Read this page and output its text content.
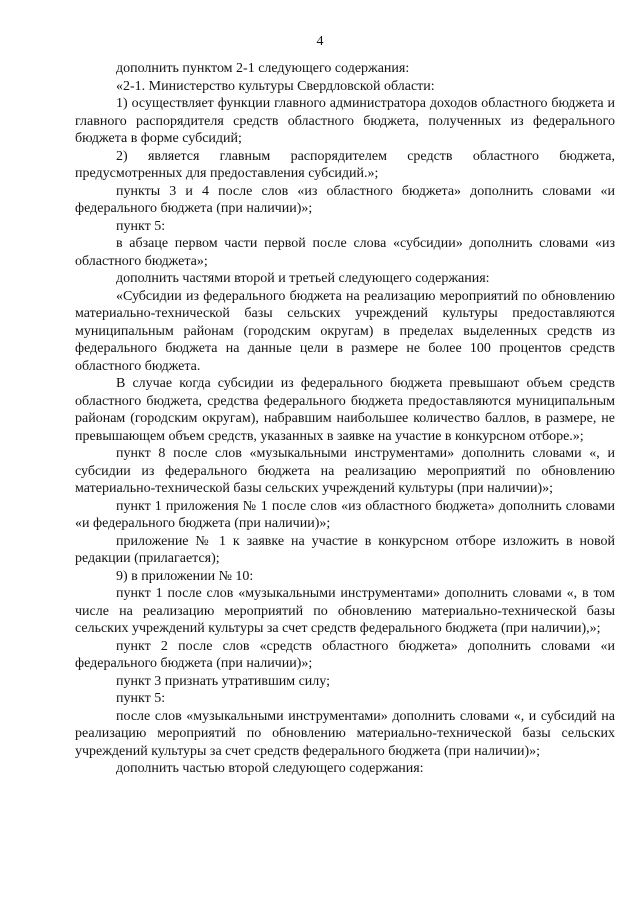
4

дополнить пунктом 2-1 следующего содержания:

«2-1. Министерство культуры Свердловской области:

1) осуществляет функции главного администратора доходов областного бюджета и главного распорядителя средств областного бюджета, полученных из федерального бюджета в форме субсидий;

2) является главным распорядителем средств областного бюджета, предусмотренных для предоставления субсидий.»;

пункты 3 и 4 после слов «из областного бюджета» дополнить словами «и федерального бюджета (при наличии)»;

пункт 5:

в абзаце первом части первой после слова «субсидии» дополнить словами «из областного бюджета»;

дополнить частями второй и третьей следующего содержания:

«Субсидии из федерального бюджета на реализацию мероприятий по обновлению материально-технической базы сельских учреждений культуры предоставляются муниципальным районам (городским округам) в пределах выделенных средств из федерального бюджета на данные цели в размере не более 100 процентов средств областного бюджета.

В случае когда субсидии из федерального бюджета превышают объем средств областного бюджета, средства федерального бюджета предоставляются муниципальным районам (городским округам), набравшим наибольшее количество баллов, в размере, не превышающем объем средств, указанных в заявке на участие в конкурсном отборе.»;

пункт 8 после слов «музыкальными инструментами» дополнить словами «, и субсидии из федерального бюджета на реализацию мероприятий по обновлению материально-технической базы сельских учреждений культуры (при наличии)»;

пункт 1 приложения № 1 после слов «из областного бюджета» дополнить словами «и федерального бюджета (при наличии)»;

приложение № 1 к заявке на участие в конкурсном отборе изложить в новой редакции (прилагается);

9) в приложении № 10:

пункт 1 после слов «музыкальными инструментами» дополнить словами «, в том числе на реализацию мероприятий по обновлению материально-технической базы сельских учреждений культуры за счет средств федерального бюджета (при наличии),»;

пункт 2 после слов «средств областного бюджета» дополнить словами «и федерального бюджета (при наличии)»;

пункт 3 признать утратившим силу;

пункт 5:

после слов «музыкальными инструментами» дополнить словами «, и субсидий на реализацию мероприятий по обновлению материально-технической базы сельских учреждений культуры за счет средств федерального бюджета (при наличии)»;

дополнить частью второй следующего содержания:
